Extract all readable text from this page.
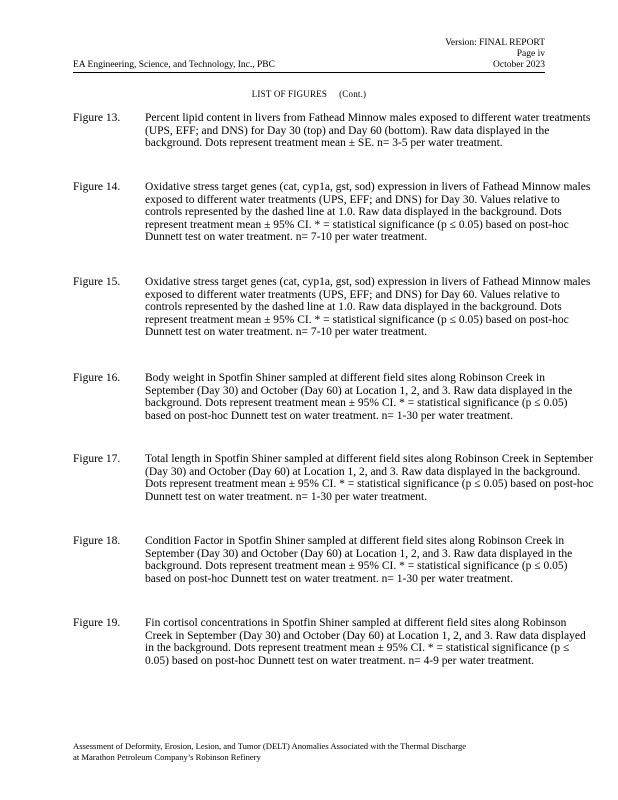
Version: FINAL REPORT
Page iv
October 2023
EA Engineering, Science, and Technology, Inc., PBC
LIST OF FIGURES (Cont.)
Figure 13. Percent lipid content in livers from Fathead Minnow males exposed to different water treatments (UPS, EFF; and DNS) for Day 30 (top) and Day 60 (bottom). Raw data displayed in the background. Dots represent treatment mean ± SE. n= 3-5 per water treatment.
Figure 14. Oxidative stress target genes (cat, cyp1a, gst, sod) expression in livers of Fathead Minnow males exposed to different water treatments (UPS, EFF; and DNS) for Day 30. Values relative to controls represented by the dashed line at 1.0. Raw data displayed in the background. Dots represent treatment mean ± 95% CI. * = statistical significance (p ≤ 0.05) based on post-hoc Dunnett test on water treatment. n= 7-10 per water treatment.
Figure 15. Oxidative stress target genes (cat, cyp1a, gst, sod) expression in livers of Fathead Minnow males exposed to different water treatments (UPS, EFF; and DNS) for Day 60. Values relative to controls represented by the dashed line at 1.0. Raw data displayed in the background. Dots represent treatment mean ± 95% CI. * = statistical significance (p ≤ 0.05) based on post-hoc Dunnett test on water treatment. n= 7-10 per water treatment.
Figure 16. Body weight in Spotfin Shiner sampled at different field sites along Robinson Creek in September (Day 30) and October (Day 60) at Location 1, 2, and 3. Raw data displayed in the background. Dots represent treatment mean ± 95% CI. * = statistical significance (p ≤ 0.05) based on post-hoc Dunnett test on water treatment. n= 1-30 per water treatment.
Figure 17. Total length in Spotfin Shiner sampled at different field sites along Robinson Creek in September (Day 30) and October (Day 60) at Location 1, 2, and 3. Raw data displayed in the background. Dots represent treatment mean ± 95% CI. * = statistical significance (p ≤ 0.05) based on post-hoc Dunnett test on water treatment. n= 1-30 per water treatment.
Figure 18. Condition Factor in Spotfin Shiner sampled at different field sites along Robinson Creek in September (Day 30) and October (Day 60) at Location 1, 2, and 3. Raw data displayed in the background. Dots represent treatment mean ± 95% CI. * = statistical significance (p ≤ 0.05) based on post-hoc Dunnett test on water treatment. n= 1-30 per water treatment.
Figure 19. Fin cortisol concentrations in Spotfin Shiner sampled at different field sites along Robinson Creek in September (Day 30) and October (Day 60) at Location 1, 2, and 3. Raw data displayed in the background. Dots represent treatment mean ± 95% CI. * = statistical significance (p ≤ 0.05) based on post-hoc Dunnett test on water treatment. n= 4-9 per water treatment.
Assessment of Deformity, Erosion, Lesion, and Tumor (DELT) Anomalies Associated with the Thermal Discharge
at Marathon Petroleum Company’s Robinson Refinery
